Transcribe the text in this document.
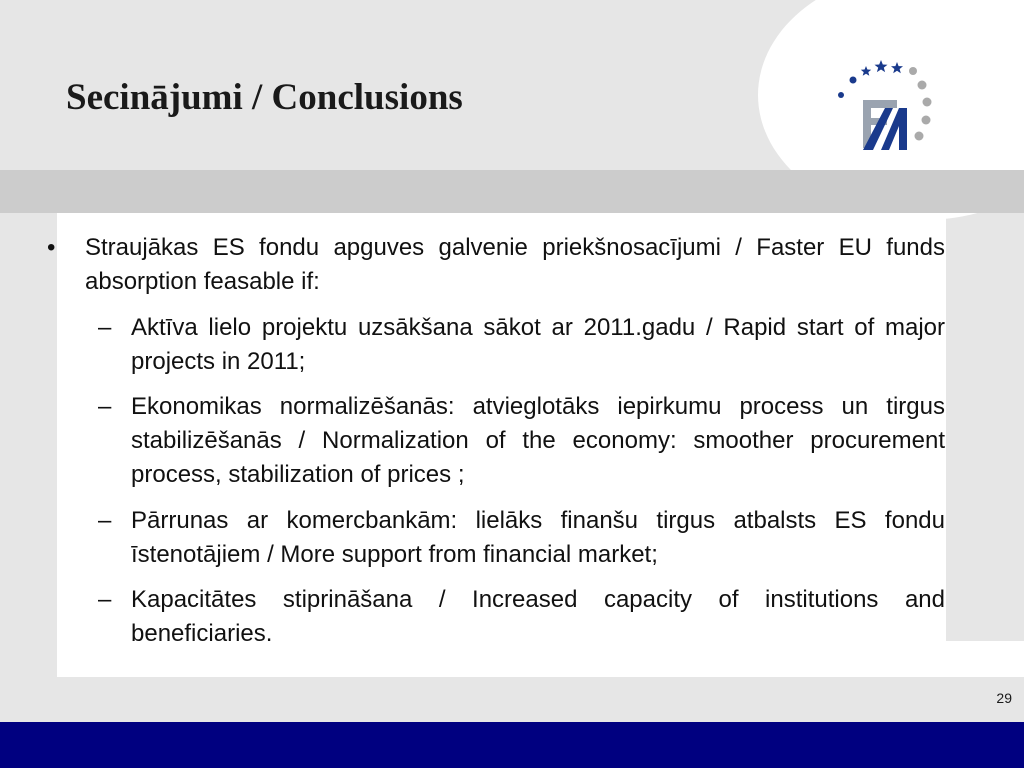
Secinājumi / Conclusions
• Straujākas ES fondu apguves galvenie priekšnosacījumi / Faster EU funds absorption feasable if:
– Aktīva lielo projektu uzsākšana sākot ar 2011.gadu / Rapid start of major projects in 2011;
– Ekonomikas normalizēšanās: atvieglotāks iepirkumu process un tirgus stabilizēšanās / Normalization of the economy: smoother procurement process, stabilization of prices ;
– Pārrunas ar komercbankām: lielāks finanšu tirgus atbalsts ES fondu īstenotājiem / More support from financial market;
– Kapacitātes stiprināšana / Increased capacity of institutions and beneficiaries.
29
